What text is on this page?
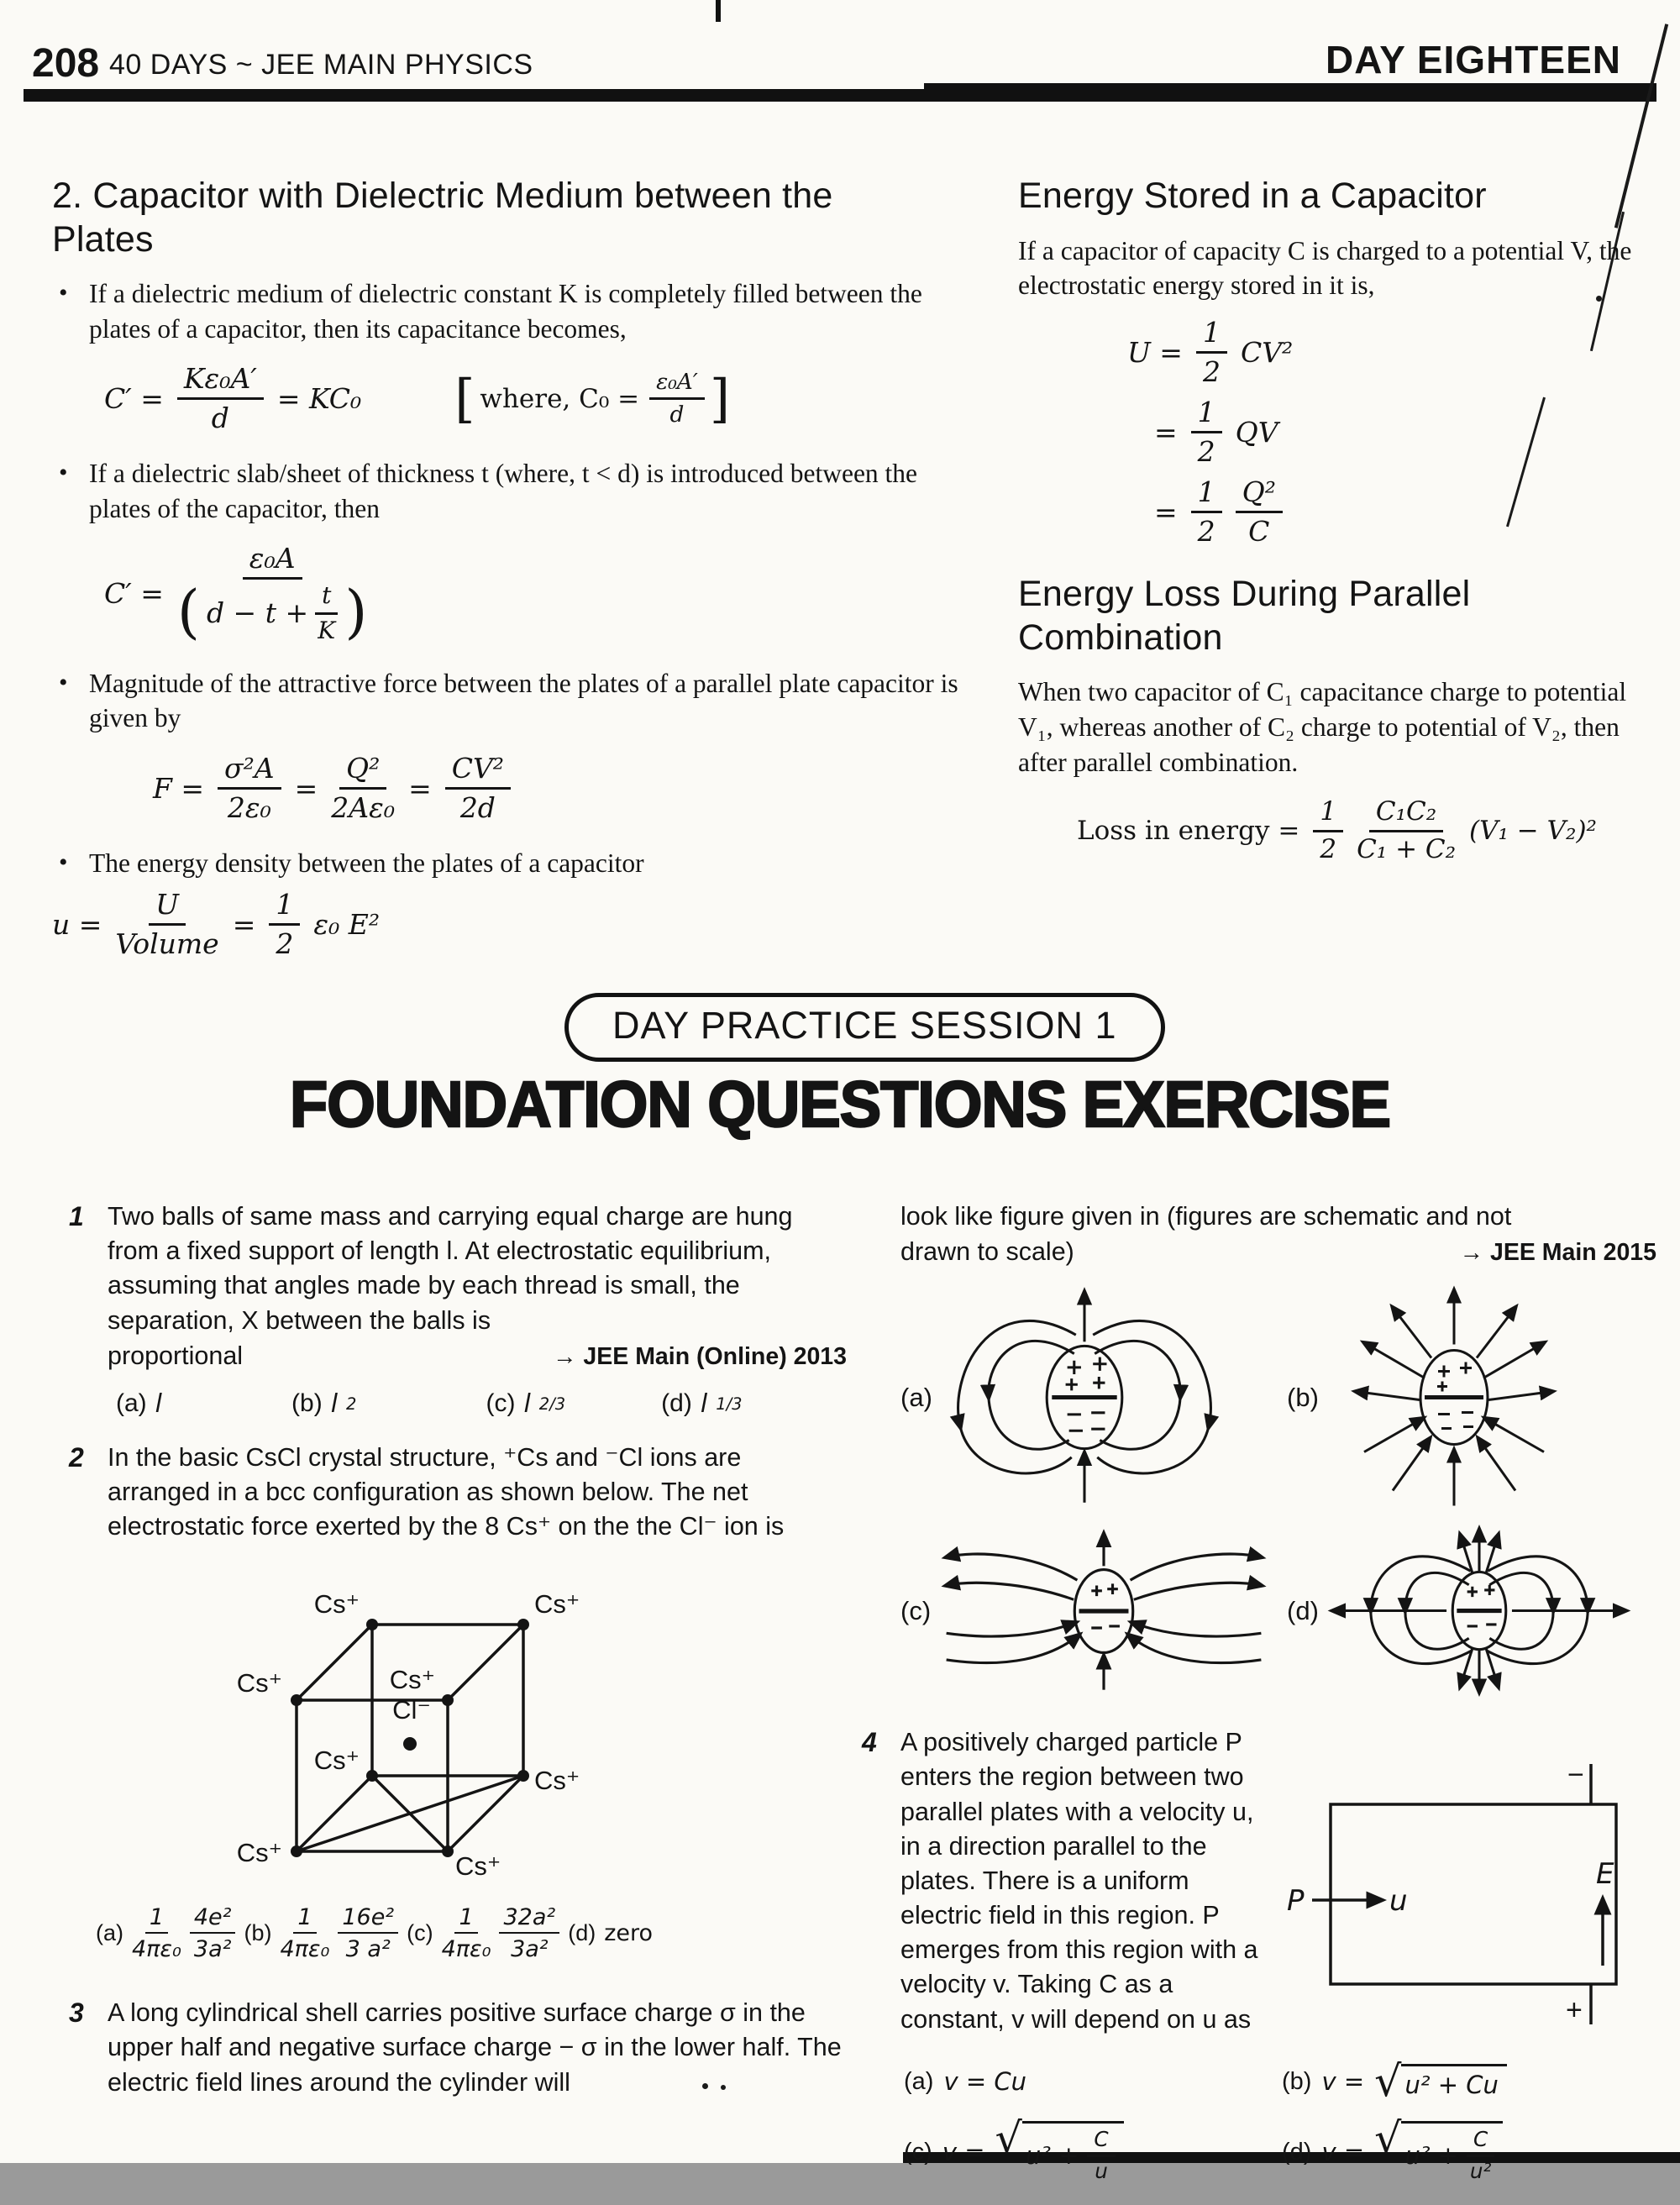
208 40 DAYS ~ JEE MAIN PHYSICS	DAY EIGHTEEN
2. Capacitor with Dielectric Medium between the Plates
• If a dielectric medium of dielectric constant K is completely filled between the plates of a capacitor, then its capacitance becomes,
$C' = \frac{\text{Kε₀A′}}{d} = KC_0$ [ where, $C_0 = \frac{\text{ε₀A′}}{d}$ ]
• If a dielectric slab/sheet of thickness t (where, t < d) is introduced between the plates of the capacitor, then
C′ =
ε₀A
( $d - t + \frac{t}{K}$ )
• Magnitude of the attractive force between the plates of a parallel plate capacitor is given by
$F = \frac{\text{σ²A}}{\text{2ε₀}} = \frac{\text{Q²}}{\text{2Aε₀}} = \frac{\text{CV²}}{2d}$
• The energy density between the plates of a capacitor
$u = \frac{U}{\text{Volume}} = \frac{1}{2} \varepsilon_0$ E²
Energy Stored in a Capacitor

If a capacitor of capacity C is charged to a potential V, the electrostatic energy stored in it is,

$U = \frac{1}{2} CV^2$
= $\frac{1}{2}$ QV
= $\frac{1}{2} \frac{\text{Q²}}{C}$
Energy Loss During Parallel Combination

When two capacitor of C₁ capacitance charge to potential V₁, whereas another of C₂ charge to potential of V₂, then after parallel combination.

Loss in energy = $\frac{1}{2} \frac{\text{C₁C₂}}{\text{C₁ + C₂}} (V_1 - V_2)^2$
DAY PRACTICE SESSION 1
FOUNDATION QUESTIONS EXERCISE
1 Two balls of same mass and carrying equal charge are hung from a fixed support of length l. At electrostatic equilibrium, assuming that angles made by each thread is small, the separation, X between the balls is

proportional	→ JEE Main (Online) 2013
(a) l	(b) l 2	(c) l 2/3	(d) l 1/3
2 In the basic CsCl crystal structure, ⁺Cs and ⁻Cl ions are arranged in a bcc configuration as shown below. The net electrostatic force exerted by the 8 Cs⁺ on the the Cl⁻ ion is

Cs⁺	Cs⁺
Cs⁺	Cs⁺
Cs⁺	Cs⁺
Cs⁺
Cs⁺
Cl⁻
$(a) \frac{1}{\text{4πε₀}} \frac{\text{4e²}}{\text{3a²}} (b) \frac{1}{\text{4πε₀}} \frac{\text{16e²}}{\text{3 a²}} (c) \frac{1}{\text{4πε₀}} \frac{\text{32a²}}{\text{3a²}} (d)$ zero
3 A long cylindrical shell carries positive surface charge σ in the upper half and negative surface charge − σ in the lower half. The electric field lines around the cylinder will

look like figure given in (figures are schematic and not

drawn to scale)	→ JEE Main 2015
(a)	(b)
(c)	(d)
4
−
+
P	u
E

A positively charged particle P enters the region between two parallel plates with a velocity u, in a direction parallel to the plates. There is a uniform electric field in this region. P emerges from this region with a velocity v. Taking C as a constant, v will depend on u as

(a) v = Cu	(b) v = √ u² + Cu
(c) v = √ $u^2 + \frac{C}{u}$	(d) v = √ $u^2 + \frac{C}{\text{u²}}$
